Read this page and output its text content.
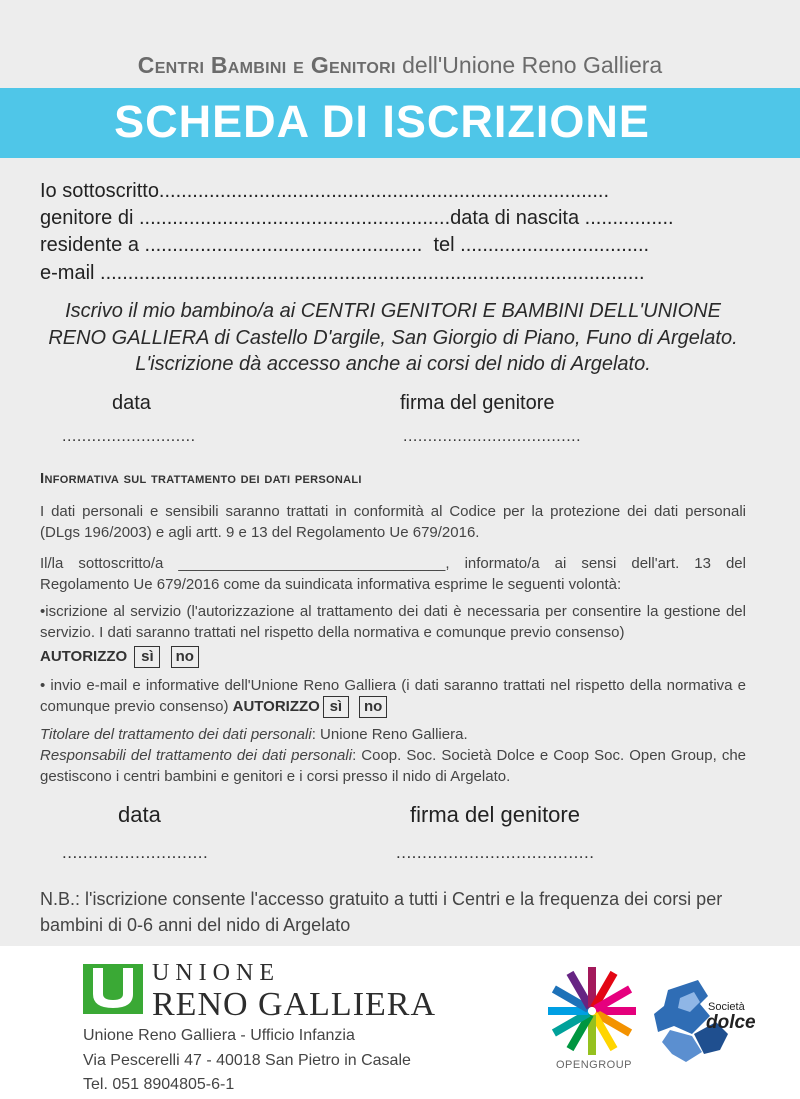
Centri Bambini e Genitori dell'Unione Reno Galliera
SCHEDA DI ISCRIZIONE
Io sottoscritto.................................................................................
genitore di ........................................................data di nascita ................
residente a ..................................................  tel ..................................
e-mail ..................................................................................................
Iscrivo il mio bambino/a ai CENTRI GENITORI E BAMBINI DELL'UNIONE
RENO GALLIERA di Castello D'argile, San Giorgio di Piano, Funo di Argelato.
L'iscrizione dà accesso anche ai corsi del nido di Argelato.
data	firma del genitore
...........................	....................................
Informativa sul trattamento dei dati personali
I dati personali e sensibili saranno trattati in conformità al Codice per la protezione dei dati personali (DLgs 196/2003) e agli artt. 9 e 13 del Regolamento Ue 679/2016.
Il/la sottoscritto/a ________________________________, informato/a ai sensi dell'art. 13 del Regolamento Ue 679/2016 come da suindicata informativa esprime le seguenti volontà:
•iscrizione al servizio (l'autorizzazione al trattamento dei dati è necessaria per consentire la gestione del servizio. I dati saranno trattati nel rispetto della normativa e comunque previo consenso)
AUTORIZZO sì no
• invio e-mail e informative dell'Unione Reno Galliera (i dati saranno trattati nel rispetto della normativa e comunque previo consenso) AUTORIZZO sì no
Titolare del trattamento dei dati personali: Unione Reno Galliera.
Responsabili del trattamento dei dati personali: Coop. Soc. Società Dolce e Coop Soc. Open Group, che gestiscono i centri bambini e genitori e i corsi presso il nido di Argelato.
data	firma del genitore
............................	......................................
N.B.: l'iscrizione consente l'accesso gratuito a tutti i Centri e la frequenza dei corsi per bambini di 0-6 anni del nido di Argelato
UNIONE
RENO GALLIERA
Unione Reno Galliera - Ufficio Infanzia
Via Pescerelli 47 - 40018 San Pietro in Casale
Tel. 051 8904805-6-1
OPENGROUP
Società
dolce
